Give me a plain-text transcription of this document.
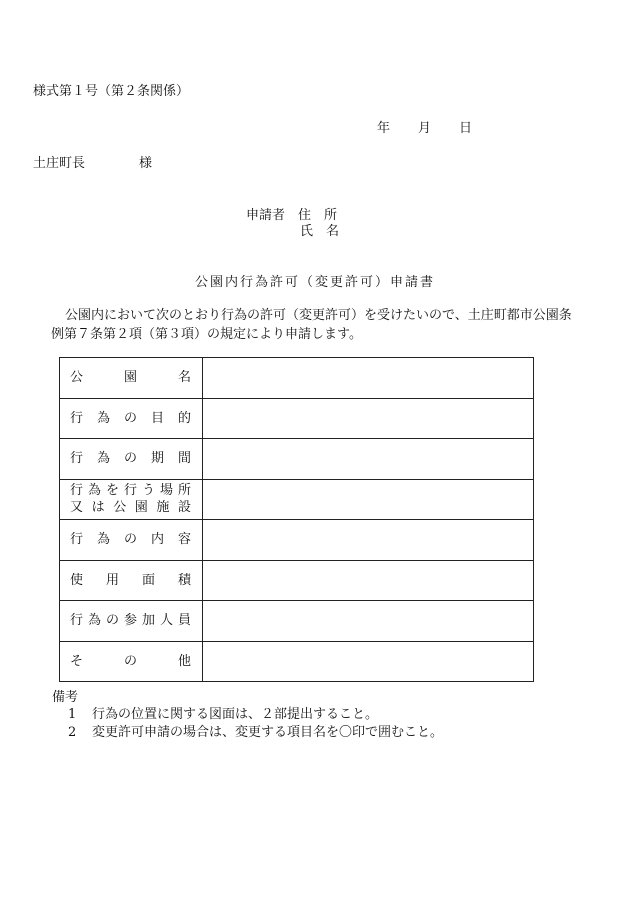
様式第１号（第２条関係）
年 月 日
土庄町長	様
申請者　住　所
氏　名
公園内行為許可（変更許可）申請書
公園内において次のとおり行為の許可（変更許可）を受けたいので、土庄町都市公園条
例第７条第２項（第３項）の規定により申請します。
公　　園　　名	

行為の目的	

行為の期間	

行為を行う場所
又は公園施設	

行為の内容	

使用面積	

行為の参加人員	

その他	

備考
1 行為の位置に関する図面は、２部提出すること。
2 変更許可申請の場合は、変更する項目名を〇印で囲むこと。
